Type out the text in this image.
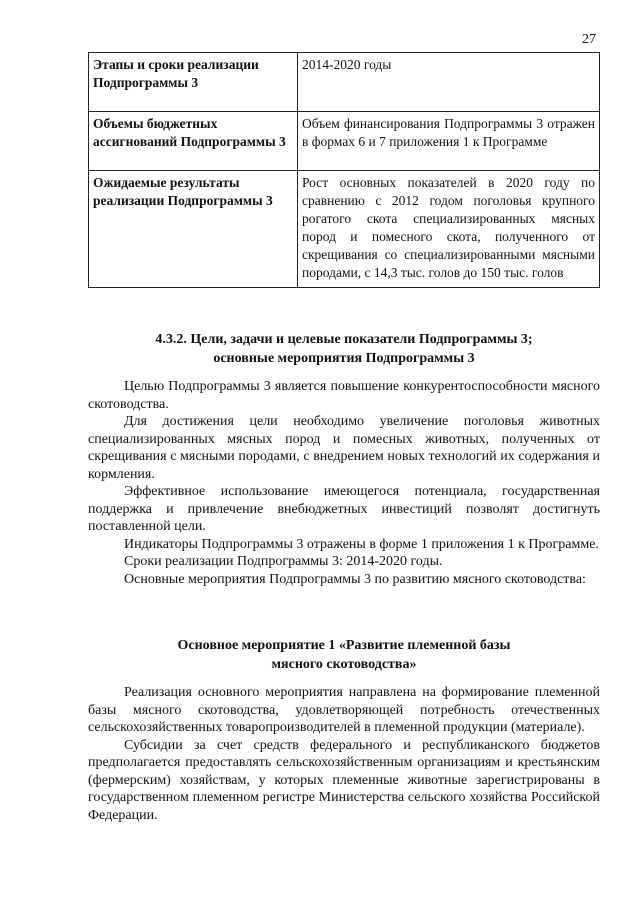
27
Этапы и сроки реализации Подпрограммы 3	2014-2020 годы
Объемы бюджетных ассигнований Подпрограммы 3	Объем финансирования Подпрограммы 3 отражен в формах 6 и 7 приложения 1 к Программе
Ожидаемые результаты реализации Подпрограммы 3	Рост основных показателей в 2020 году по сравнению с 2012 годом поголовья крупного рогатого скота специализированных мясных пород и помесного скота, полученного от скрещивания со специализированными мясными породами, с 14,3 тыс. голов до 150 тыс. голов
4.3.2. Цели, задачи и целевые показатели Подпрограммы 3;
основные мероприятия Подпрограммы 3

Целью Подпрограммы 3 является повышение конкурентоспособности мясного скотоводства.

Для достижения цели необходимо увеличение поголовья животных специализированных мясных пород и помесных животных, полученных от скрещивания с мясными породами, с внедрением новых технологий их содержания и кормления.

Эффективное использование имеющегося потенциала, государственная поддержка и привлечение внебюджетных инвестиций позволят достигнуть поставленной цели.

Индикаторы Подпрограммы 3 отражены в форме 1 приложения 1 к Программе.

Сроки реализации Подпрограммы 3: 2014-2020 годы.

Основные мероприятия Подпрограммы 3 по развитию мясного скотоводства:

Основное мероприятие 1 «Развитие племенной базы
мясного скотоводства»

Реализация основного мероприятия направлена на формирование племенной базы мясного скотоводства, удовлетворяющей потребность отечественных сельскохозяйственных товаропроизводителей в племенной продукции (материале).

Субсидии за счет средств федерального и республиканского бюджетов предполагается предоставлять сельскохозяйственным организациям и крестьянским (фермерским) хозяйствам, у которых племенные животные зарегистрированы в государственном племенном регистре Министерства сельского хозяйства Российской Федерации.
